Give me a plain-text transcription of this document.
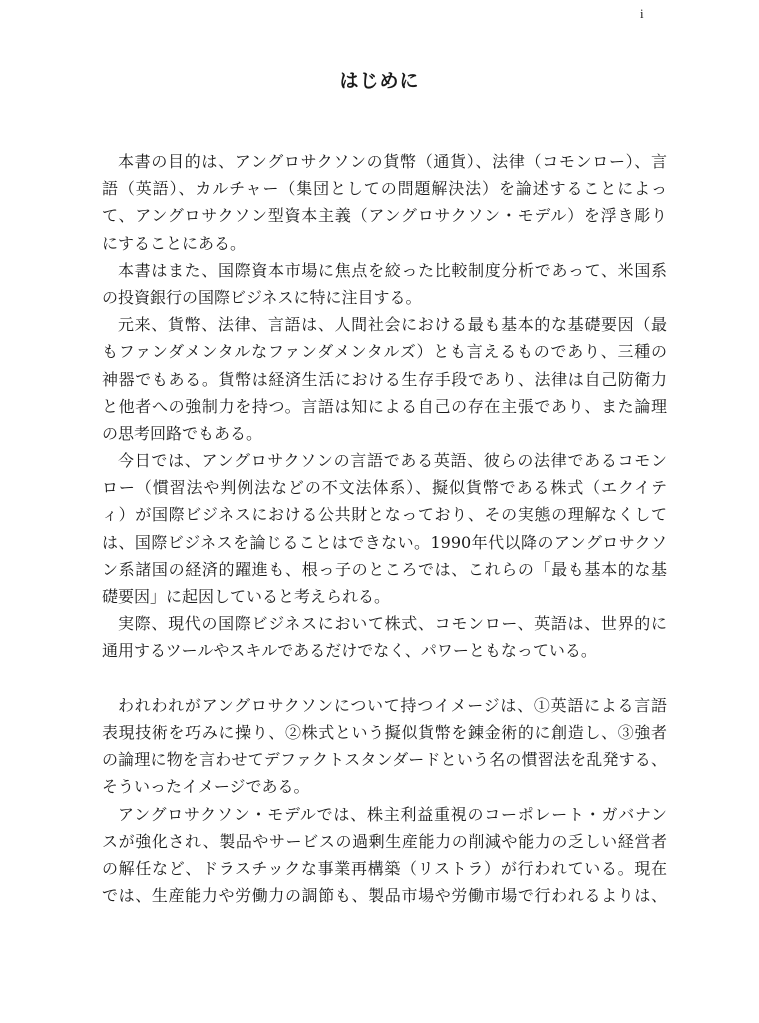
i
はじめに
本書の目的は、アングロサクソンの貨幣（通貨）、法律（コモンロー）、言
語（英語）、カルチャー（集団としての問題解決法）を論述することによっ
て、アングロサクソン型資本主義（アングロサクソン・モデル）を浮き彫り
にすることにある。
本書はまた、国際資本市場に焦点を絞った比較制度分析であって、米国系
の投資銀行の国際ビジネスに特に注目する。
元来、貨幣、法律、言語は、人間社会における最も基本的な基礎要因（最
もファンダメンタルなファンダメンタルズ）とも言えるものであり、三種の
神器でもある。貨幣は経済生活における生存手段であり、法律は自己防衛力
と他者への強制力を持つ。言語は知による自己の存在主張であり、また論理
の思考回路でもある。
今日では、アングロサクソンの言語である英語、彼らの法律であるコモン
ロー（慣習法や判例法などの不文法体系）、擬似貨幣である株式（エクイテ
ィ）が国際ビジネスにおける公共財となっており、その実態の理解なくして
は、国際ビジネスを論じることはできない。1990年代以降のアングロサクソ
ン系諸国の経済的躍進も、根っ子のところでは、これらの「最も基本的な基
礎要因」に起因していると考えられる。
実際、現代の国際ビジネスにおいて株式、コモンロー、英語は、世界的に
通用するツールやスキルであるだけでなく、パワーともなっている。
われわれがアングロサクソンについて持つイメージは、①英語による言語
表現技術を巧みに操り、②株式という擬似貨幣を錬金術的に創造し、③強者
の論理に物を言わせてデファクトスタンダードという名の慣習法を乱発する、
そういったイメージである。
アングロサクソン・モデルでは、株主利益重視のコーポレート・ガバナン
スが強化され、製品やサービスの過剰生産能力の削減や能力の乏しい経営者
の解任など、ドラスチックな事業再構築（リストラ）が行われている。現在
では、生産能力や労働力の調節も、製品市場や労働市場で行われるよりは、
